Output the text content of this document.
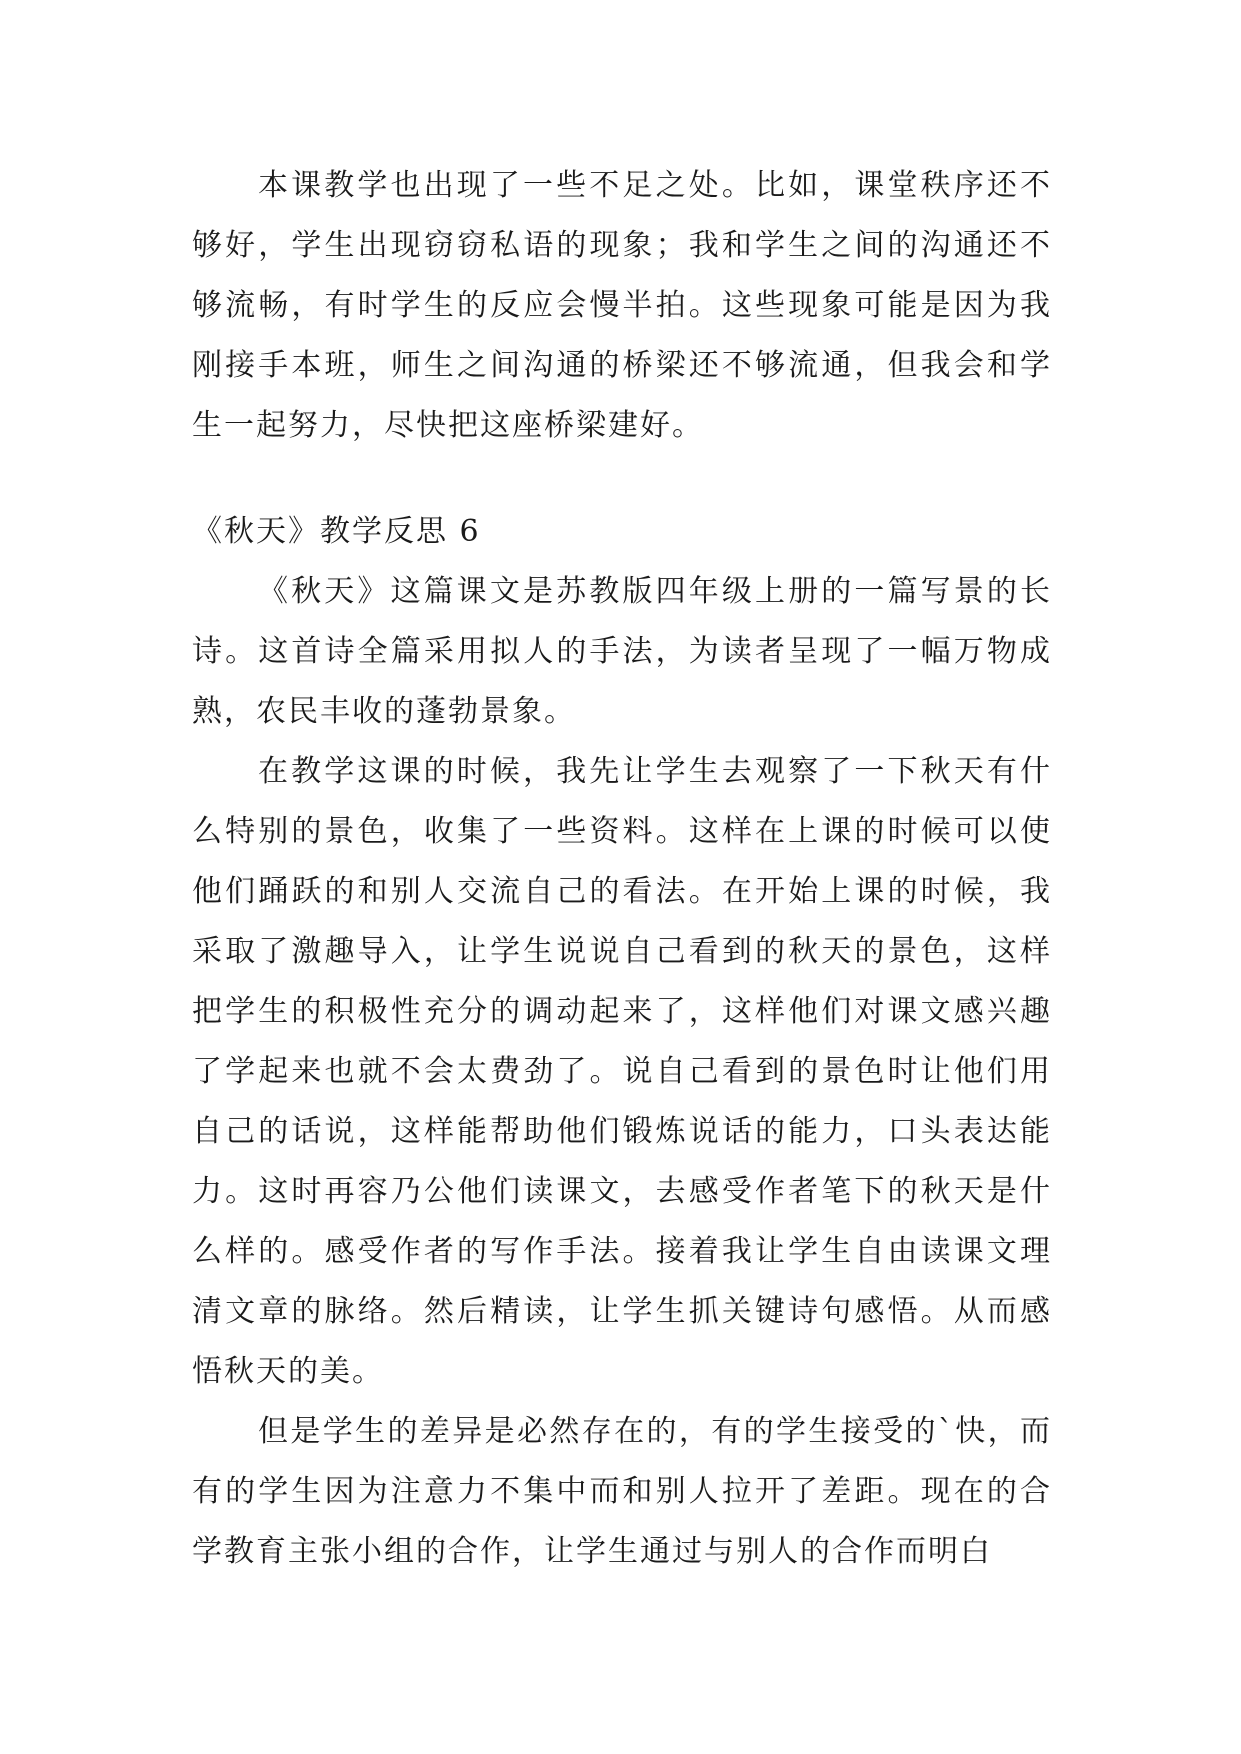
本课教学也出现了一些不足之处。比如，课堂秩序还不够好，学生出现窃窃私语的现象；我和学生之间的沟通还不够流畅，有时学生的反应会慢半拍。这些现象可能是因为我刚接手本班，师生之间沟通的桥梁还不够流通，但我会和学生一起努力，尽快把这座桥梁建好。

《秋天》教学反思 6

《秋天》这篇课文是苏教版四年级上册的一篇写景的长诗。这首诗全篇采用拟人的手法，为读者呈现了一幅万物成熟，农民丰收的蓬勃景象。

在教学这课的时候，我先让学生去观察了一下秋天有什么特别的景色，收集了一些资料。这样在上课的时候可以使他们踊跃的和别人交流自己的看法。在开始上课的时候，我采取了激趣导入，让学生说说自己看到的秋天的景色，这样把学生的积极性充分的调动起来了，这样他们对课文感兴趣了学起来也就不会太费劲了。说自己看到的景色时让他们用自己的话说，这样能帮助他们锻炼说话的能力，口头表达能力。这时再容乃公他们读课文，去感受作者笔下的秋天是什么样的。感受作者的写作手法。接着我让学生自由读课文理清文章的脉络。然后精读，让学生抓关键诗句感悟。从而感悟秋天的美。

但是学生的差异是必然存在的，有的学生接受的`快，而有的学生因为注意力不集中而和别人拉开了差距。现在的合学教育主张小组的合作，让学生通过与别人的合作而明白
